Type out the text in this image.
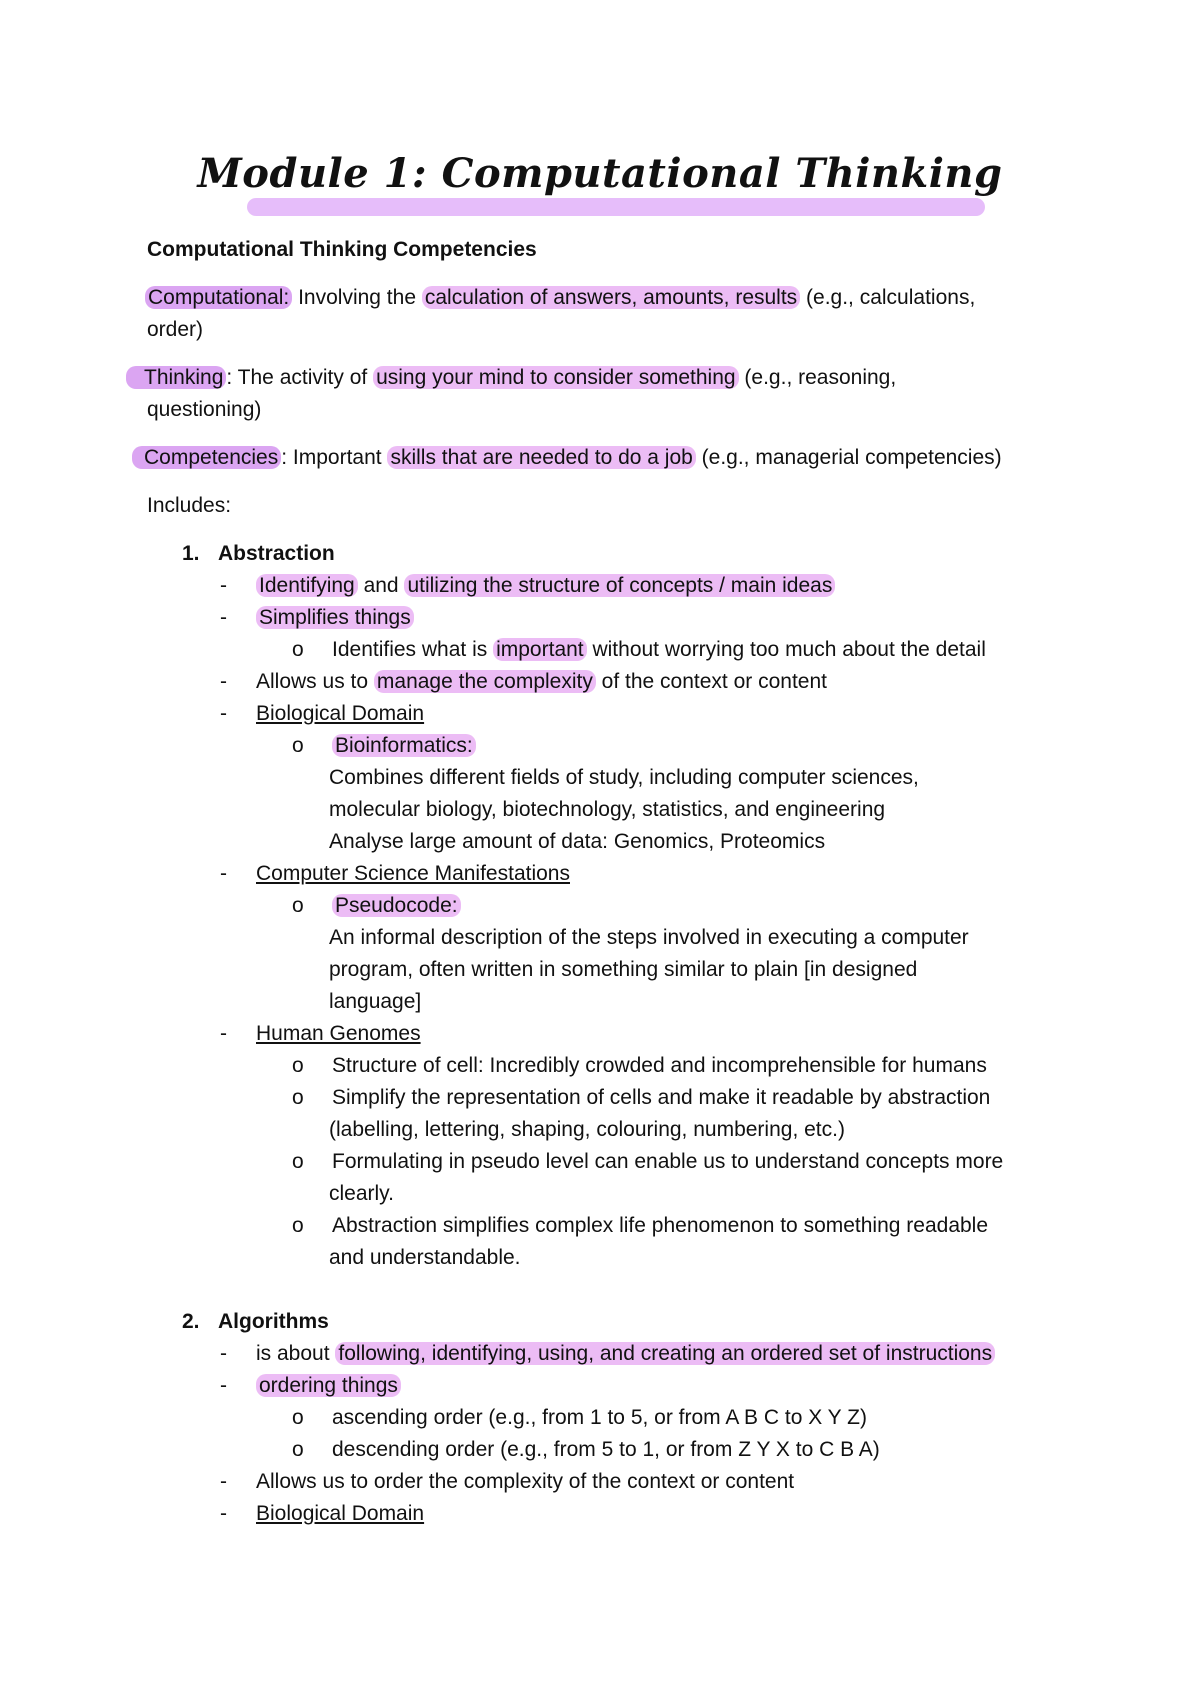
Module 1: Computational Thinking
Computational Thinking Competencies
Computational: Involving the calculation of answers, amounts, results (e.g., calculations,
order)
Thinking : The activity of using your mind to consider something (e.g., reasoning,
questioning)
Competencies : Important skills that are needed to do a job (e.g., managerial competencies)
Includes:
1. Abstraction
- Identifying and utilizing the structure of concepts / main ideas
- Simplifies things
o Identifies what is important without worrying too much about the detail
- Allows us to manage the complexity of the context or content
- Biological Domain
o Bioinformatics:
Combines different fields of study, including computer sciences,
molecular biology, biotechnology, statistics, and engineering
Analyse large amount of data: Genomics, Proteomics
- Computer Science Manifestations
o Pseudocode:
An informal description of the steps involved in executing a computer
program, often written in something similar to plain [in designed
language]
- Human Genomes
o Structure of cell: Incredibly crowded and incomprehensible for humans
o Simplify the representation of cells and make it readable by abstraction
(labelling, lettering, shaping, colouring, numbering, etc.)
o Formulating in pseudo level can enable us to understand concepts more
clearly.
o Abstraction simplifies complex life phenomenon to something readable
and understandable.
2. Algorithms
- is about following, identifying, using, and creating an ordered set of instructions
- ordering things
o ascending order (e.g., from 1 to 5, or from A B C to X Y Z)
o descending order (e.g., from 5 to 1, or from Z Y X to C B A)
- Allows us to order the complexity of the context or content
- Biological Domain
